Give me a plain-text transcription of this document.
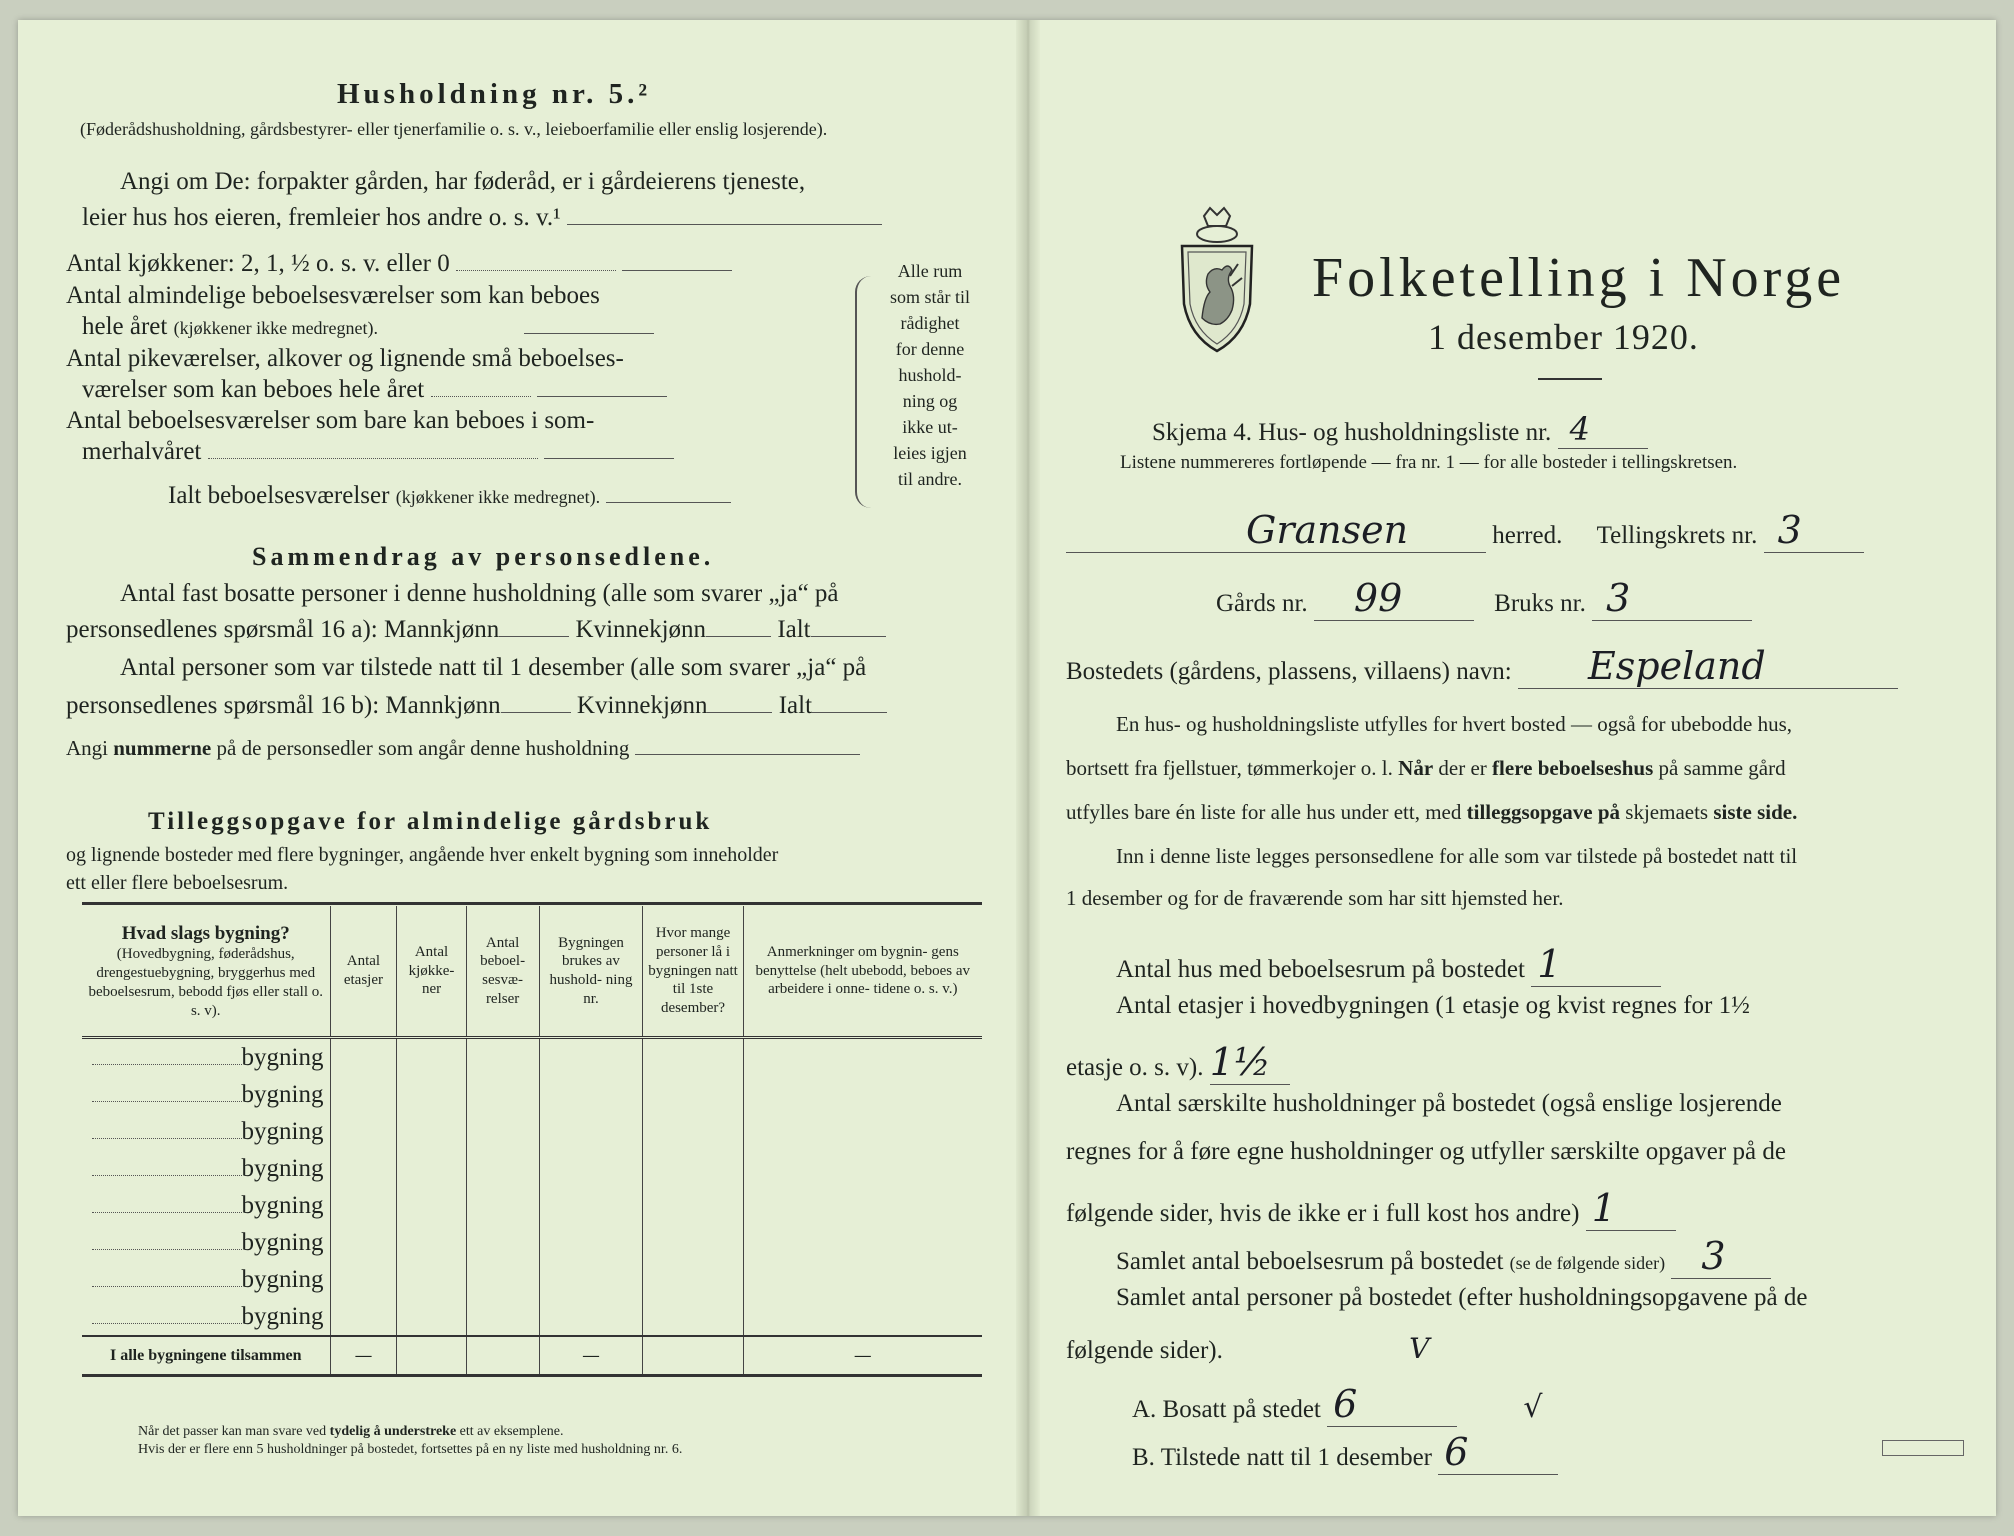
Husholdning nr. 5.²
(Føderådshusholdning, gårdsbestyrer- eller tjenerfamilie o. s. v., leieboerfamilie eller enslig losjerende).
Angi om De: forpakter gården, har føderåd, er i gårdeierens tjeneste,
leier hus hos eieren, fremleier hos andre o. s. v.¹
Antal kjøkkener: 2, 1, ½ o. s. v. eller 0
Antal almindelige beboelsesværelser som kan beboes
hele året (kjøkkener ikke medregnet).
Antal pikeværelser, alkover og lignende små beboelses-
værelser som kan beboes hele året
Antal beboelsesværelser som bare kan beboes i som-
merhalvåret
Ialt beboelsesværelser (kjøkkener ikke medregnet).
Alle rum
som står til
rådighet
for denne
hushold-
ning og
ikke ut-
leies igjen
til andre.
Sammendrag av personsedlene.
Antal fast bosatte personer i denne husholdning (alle som svarer „ja“ på
personsedlenes spørsmål 16 a): Mannkjønn	Kvinnekjønn	Ialt
Antal personer som var tilstede natt til 1 desember (alle som svarer „ja“ på
personsedlenes spørsmål 16 b): Mannkjønn	Kvinnekjønn	Ialt
Angi nummerne på de personsedler som angår denne husholdning
Tilleggsopgave for almindelige gårdsbruk
og lignende bosteder med flere bygninger, angående hver enkelt bygning som inneholder
ett eller flere beboelsesrum.
Hvad slags bygning?
(Hovedbygning, føderådshus, drengestuebygning, bryggerhus med beboelsesrum, bebodd fjøs eller stall o. s. v).	Antal etasjer	Antal kjøkke- ner	Antal beboel- sesvæ- relser	Bygningen brukes av hushold- ning nr.	Hvor mange personer lå i bygningen natt til 1ste desember?	Anmerkninger om bygnin- gens benyttelse (helt ubebodd, beboes av arbeidere i onne- tidene o. s. v.)

bygning						
bygning						
bygning						
bygning						
bygning						
bygning						
bygning						
bygning						
I alle bygningene tilsammen	—			—		—
Når det passer kan man svare ved tydelig å understreke ett av eksemplene.
Hvis der er flere enn 5 husholdninger på bostedet, fortsettes på en ny liste med husholdning nr. 6.
Folketelling i Norge
1 desember 1920.
Skjema 4. Hus- og husholdningsliste nr. 4
Listene nummereres fortløpende — fra nr. 1 — for alle bosteder i tellingskretsen.
Gransen	herred. Tellingskrets nr. 3
Gårds nr. 99	Bruks nr. 3
Bostedets (gårdens, plassens, villaens) navn: Espeland
En hus- og husholdningsliste utfylles for hvert bosted — også for ubebodde hus,
bortsett fra fjellstuer, tømmerkojer o. l. Når der er flere beboelseshus på samme gård
utfylles bare én liste for alle hus under ett, med tilleggsopgave på skjemaets siste side.
Inn i denne liste legges personsedlene for alle som var tilstede på bostedet natt til
1 desember og for de fraværende som har sitt hjemsted her.
Antal hus med beboelsesrum på bostedet 1
Antal etasjer i hovedbygningen (1 etasje og kvist regnes for 1½
etasje o. s. v). 1½
Antal særskilte husholdninger på bostedet (også enslige losjerende
regnes for å føre egne husholdninger og utfyller særskilte opgaver på de
følgende sider, hvis de ikke er i full kost hos andre) 1
Samlet antal beboelsesrum på bostedet (se de følgende sider) 3
Samlet antal personer på bostedet (efter husholdningsopgavene på de
følgende sider).	V
A. Bosatt på stedet 6	√
B. Tilstede natt til 1 desember 6
